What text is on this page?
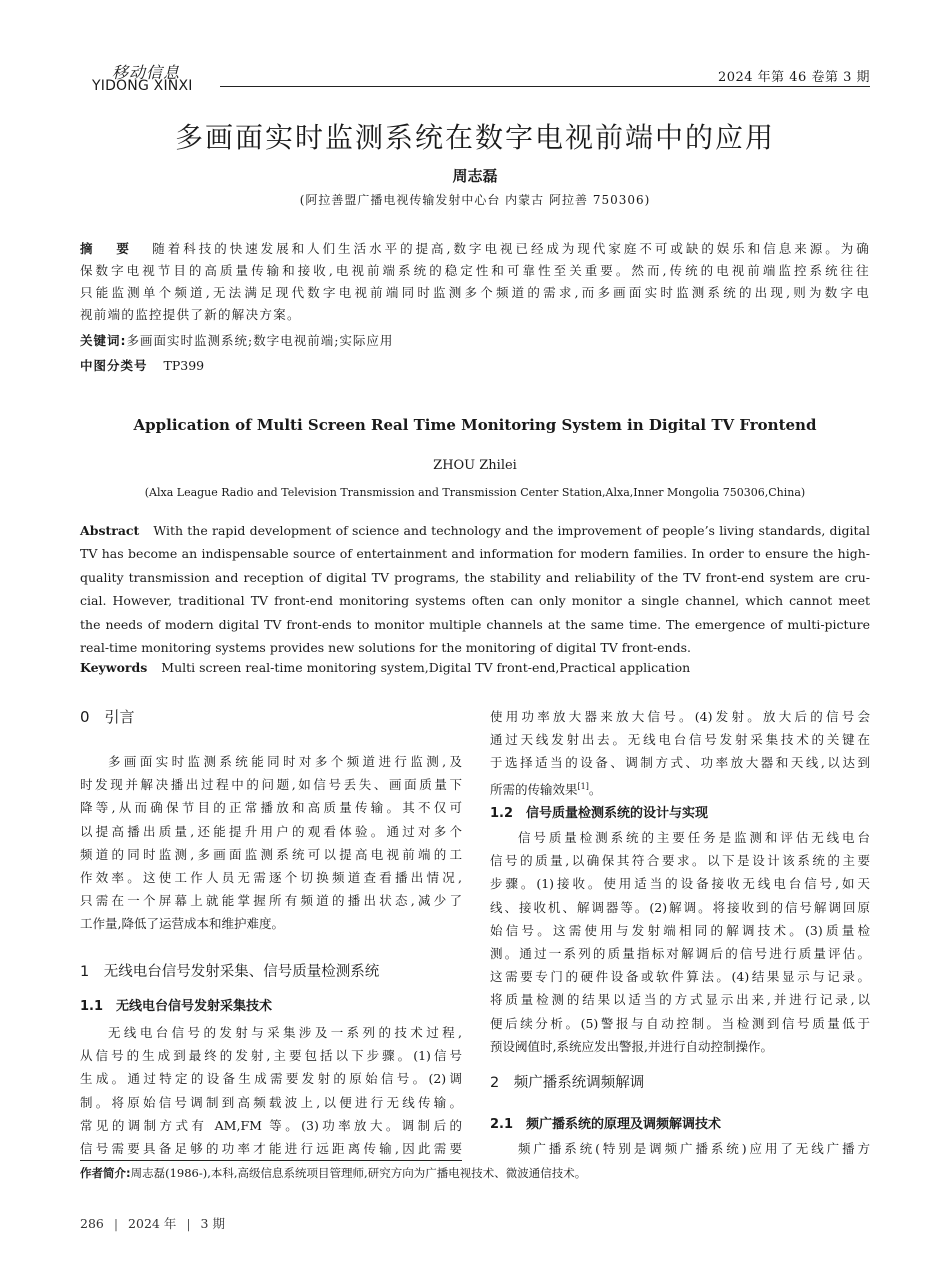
移动信息
YIDONG XINXI
2024 年第 46 卷第 3 期
多画面实时监测系统在数字电视前端中的应用
周志磊
(阿拉善盟广播电视传输发射中心台 内蒙古 阿拉善 750306)
摘　要 随着科技的快速发展和人们生活水平的提高,数字电视已经成为现代家庭不可或缺的娱乐和信息来源。为确
保数字电视节目的高质量传输和接收,电视前端系统的稳定性和可靠性至关重要。然而,传统的电视前端监控系统往往
只能监测单个频道,无法满足现代数字电视前端同时监测多个频道的需求,而多画面实时监测系统的出现,则为数字电
视前端的监控提供了新的解决方案。
关键词:多画面实时监测系统;数字电视前端;实际应用
中图分类号 TP399
Application of Multi Screen Real Time Monitoring System in Digital TV Frontend
ZHOU Zhilei
(Alxa League Radio and Television Transmission and Transmission Center Station,Alxa,Inner Mongolia 750306,China)
Abstract With the rapid development of science and technology and the improvement of people’s living standards, digital
TV has become an indispensable source of entertainment and information for modern families. In order to ensure the high-
quality transmission and reception of digital TV programs, the stability and reliability of the TV front-end system are cru-
cial. However, traditional TV front-end monitoring systems often can only monitor a single channel, which cannot meet
the needs of modern digital TV front-ends to monitor multiple channels at the same time. The emergence of multi-picture
real-time monitoring systems provides new solutions for the monitoring of digital TV front-ends.
Keywords Multi screen real-time monitoring system,Digital TV front-end,Practical application
0　引言
多画面实时监测系统能同时对多个频道进行监测,及
时发现并解决播出过程中的问题,如信号丢失、画面质量下
降等,从而确保节目的正常播放和高质量传输。其不仅可
以提高播出质量,还能提升用户的观看体验。通过对多个
频道的同时监测,多画面监测系统可以提高电视前端的工
作效率。这使工作人员无需逐个切换频道查看播出情况,
只需在一个屏幕上就能掌握所有频道的播出状态,减少了
工作量,降低了运营成本和维护难度。
1　无线电台信号发射采集、信号质量检测系统
1.1　无线电台信号发射采集技术
无线电台信号的发射与采集涉及一系列的技术过程,
从信号的生成到最终的发射,主要包括以下步骤。(1)信号
生成。通过特定的设备生成需要发射的原始信号。(2)调
制。将原始信号调制到高频载波上,以便进行无线传输。
常见的调制方式有 AM,FM 等。(3)功率放大。调制后的
信号需要具备足够的功率才能进行远距离传输,因此需要
使用功率放大器来放大信号。(4)发射。放大后的信号会
通过天线发射出去。无线电台信号发射采集技术的关键在
于选择适当的设备、调制方式、功率放大器和天线,以达到
所需的传输效果[1]。
1.2　信号质量检测系统的设计与实现
信号质量检测系统的主要任务是监测和评估无线电台
信号的质量,以确保其符合要求。以下是设计该系统的主要
步骤。(1)接收。使用适当的设备接收无线电台信号,如天
线、接收机、解调器等。(2)解调。将接收到的信号解调回原
始信号。这需使用与发射端相同的解调技术。(3)质量检
测。通过一系列的质量指标对解调后的信号进行质量评估。
这需要专门的硬件设备或软件算法。(4)结果显示与记录。
将质量检测的结果以适当的方式显示出来,并进行记录,以
便后续分析。(5)警报与自动控制。当检测到信号质量低于
预设阈值时,系统应发出警报,并进行自动控制操作。
2　频广播系统调频解调
2.1　频广播系统的原理及调频解调技术
频广播系统(特别是调频广播系统)应用了无线广播方
作者简介:周志磊(1986-),本科,高级信息系统项目管理师,研究方向为广播电视技术、微波通信技术。
286 | 2024 年 | 3 期
